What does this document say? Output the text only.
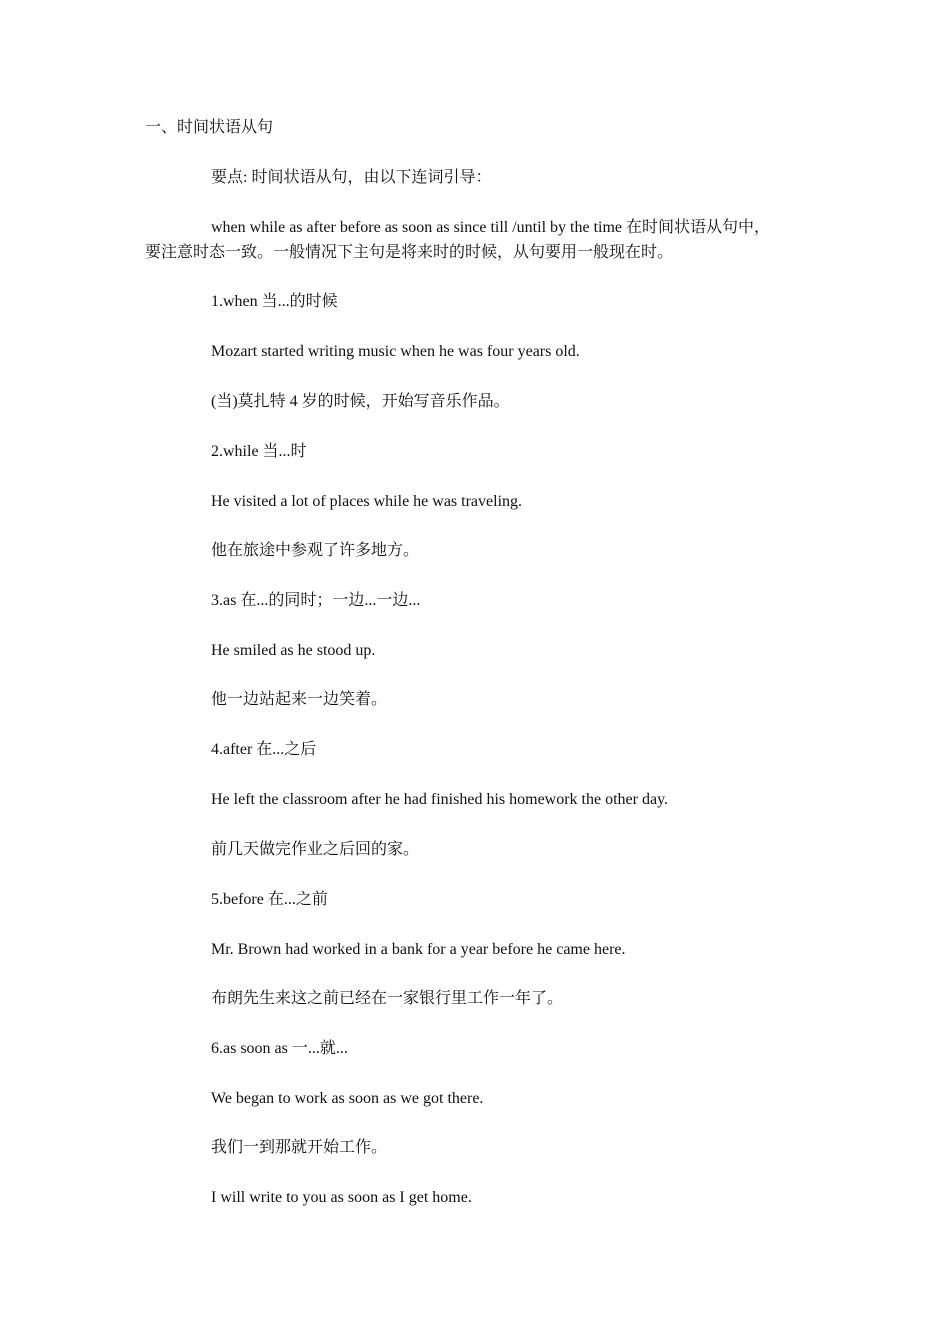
一、时间状语从句

要点: 时间状语从句，由以下连词引导：

when while as after before as soon as since till /until by the time 在时间状语从句中，

要注意时态一致。一般情况下主句是将来时的时候，从句要用一般现在时。

1.when 当...的时候

Mozart started writing music when he was four years old.

(当)莫扎特 4 岁的时候，开始写音乐作品。

2.while 当...时

He visited a lot of places while he was traveling.

他在旅途中参观了许多地方。

3.as 在...的同时；一边...一边...

He smiled as he stood up.

他一边站起来一边笑着。

4.after 在...之后

He left the classroom after he had finished his homework the other day.

前几天做完作业之后回的家。

5.before 在...之前

Mr. Brown had worked in a bank for a year before he came here.

布朗先生来这之前已经在一家银行里工作一年了。

6.as soon as 一...就...

We began to work as soon as we got there.

我们一到那就开始工作。

I will write to you as soon as I get home.
